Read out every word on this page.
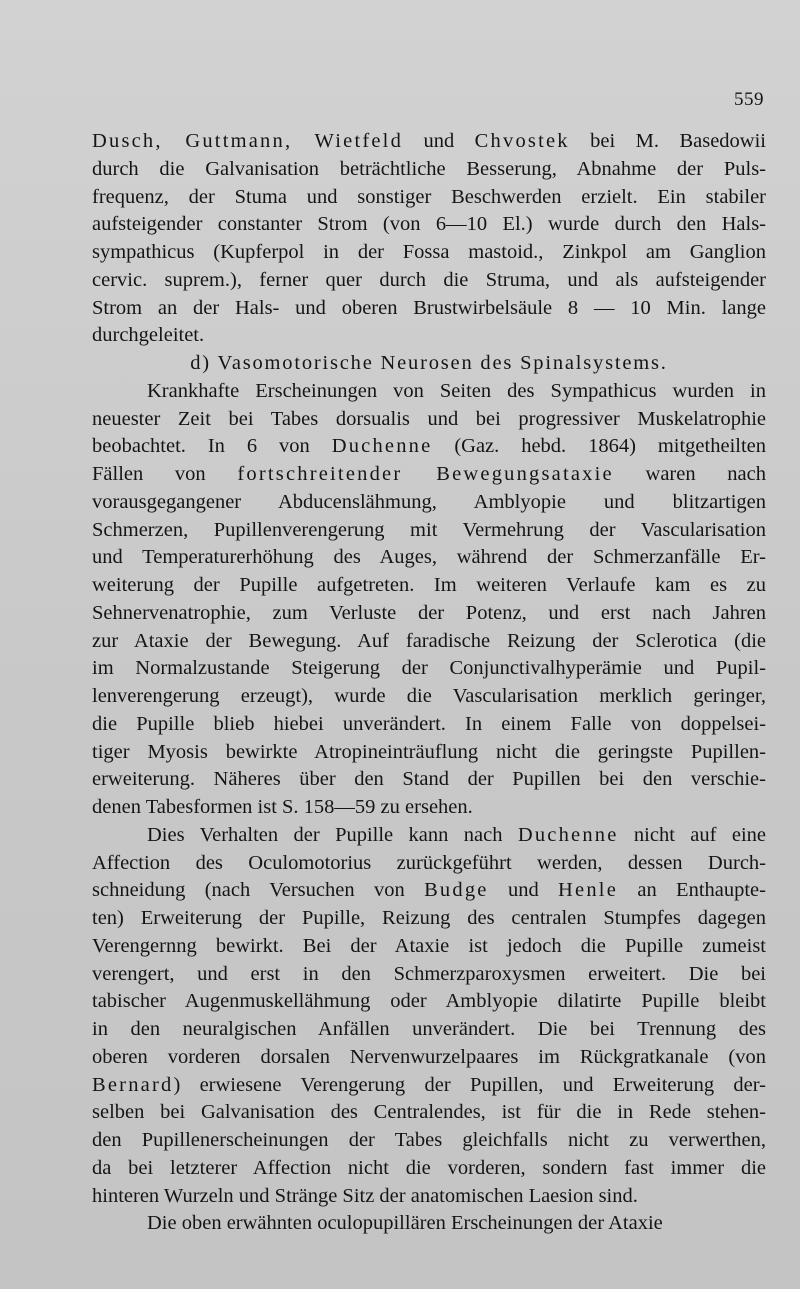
559
Dusch, Guttmann, Wietfeld und Chvostek bei M. Basedowii
durch die Galvanisation beträchtliche Besserung, Abnahme der Puls-
frequenz, der Stuma und sonstiger Beschwerden erzielt. Ein stabiler
aufsteigender constanter Strom (von 6—10 El.) wurde durch den Hals-
sympathicus (Kupferpol in der Fossa mastoid., Zinkpol am Ganglion
cervic. suprem.), ferner quer durch die Struma, und als aufsteigender
Strom an der Hals- und oberen Brustwirbelsäule 8 — 10 Min. lange
durchgeleitet.
d) Vasomotorische Neurosen des Spinalsystems.
Krankhafte Erscheinungen von Seiten des Sympathicus wurden in
neuester Zeit bei Tabes dorsualis und bei progressiver Muskelatrophie
beobachtet. In 6 von Duchenne (Gaz. hebd. 1864) mitgetheilten
Fällen von fortschreitender Bewegungsataxie waren nach
vorausgegangener Abducenslähmung, Amblyopie und blitzartigen
Schmerzen, Pupillenverengerung mit Vermehrung der Vascularisation
und Temperaturerhöhung des Auges, während der Schmerzanfälle Er-
weiterung der Pupille aufgetreten. Im weiteren Verlaufe kam es zu
Sehnervenatrophie, zum Verluste der Potenz, und erst nach Jahren
zur Ataxie der Bewegung. Auf faradische Reizung der Sclerotica (die
im Normalzustande Steigerung der Conjunctivalhyperämie und Pupil-
lenverengerung erzeugt), wurde die Vascularisation merklich geringer,
die Pupille blieb hiebei unverändert. In einem Falle von doppelsei-
tiger Myosis bewirkte Atropineinträuflung nicht die geringste Pupillen-
erweiterung. Näheres über den Stand der Pupillen bei den verschie-
denen Tabesformen ist S. 158—59 zu ersehen.
Dies Verhalten der Pupille kann nach Duchenne nicht auf eine
Affection des Oculomotorius zurückgeführt werden, dessen Durch-
schneidung (nach Versuchen von Budge und Henle an Enthaupte-
ten) Erweiterung der Pupille, Reizung des centralen Stumpfes dagegen
Verengernng bewirkt. Bei der Ataxie ist jedoch die Pupille zumeist
verengert, und erst in den Schmerzparoxysmen erweitert. Die bei
tabischer Augenmuskellähmung oder Amblyopie dilatirte Pupille bleibt
in den neuralgischen Anfällen unverändert. Die bei Trennung des
oberen vorderen dorsalen Nervenwurzelpaares im Rückgratkanale (von
Bernard) erwiesene Verengerung der Pupillen, und Erweiterung der-
selben bei Galvanisation des Centralendes, ist für die in Rede stehen-
den Pupillenerscheinungen der Tabes gleichfalls nicht zu verwerthen,
da bei letzterer Affection nicht die vorderen, sondern fast immer die
hinteren Wurzeln und Stränge Sitz der anatomischen Laesion sind.
Die oben erwähnten oculopupillären Erscheinungen der Ataxie
